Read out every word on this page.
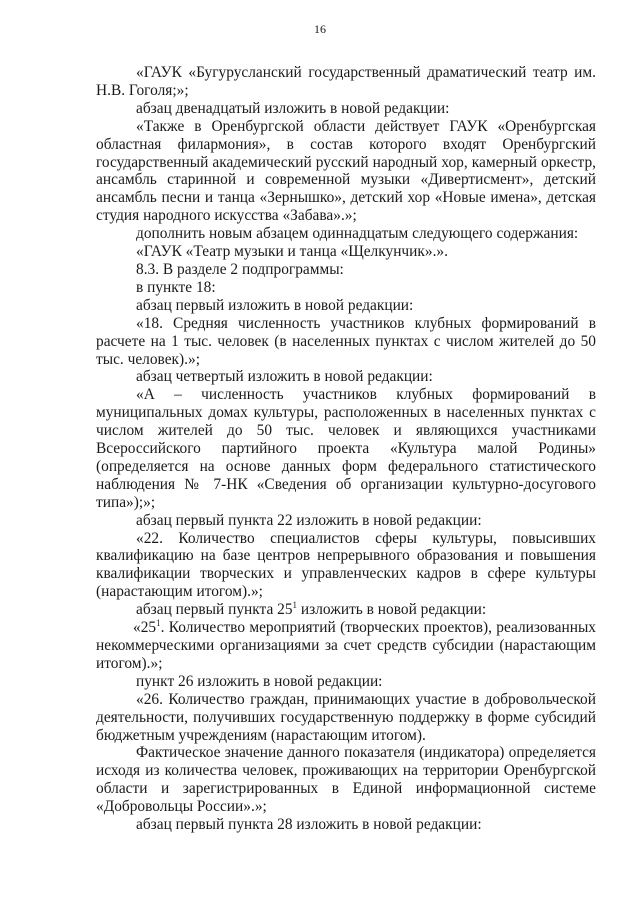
16

«ГАУК «Бугурусланский государственный драматический театр им. Н.В. Гоголя;»;

абзац двенадцатый изложить в новой редакции:

«Также в Оренбургской области действует ГАУК «Оренбургская областная филармония», в состав которого входят Оренбургский государственный академический русский народный хор, камерный оркестр, ансамбль старинной и современной музыки «Дивертисмент», детский ансамбль песни и танца «Зернышко», детский хор «Новые имена», детская студия народного искусства «Забава».»;

дополнить новым абзацем одиннадцатым следующего содержания:

«ГАУК «Театр музыки и танца «Щелкунчик».».

8.3. В разделе 2 подпрограммы:

в пункте 18:

абзац первый изложить в новой редакции:

«18. Средняя численность участников клубных формирований в расчете на 1 тыс. человек (в населенных пунктах с числом жителей до 50 тыс. человек).»;

абзац четвертый изложить в новой редакции:

«А – численность участников клубных формирований в муниципальных домах культуры, расположенных в населенных пунктах с числом жителей до 50 тыс. человек и являющихся участниками Всероссийского партийного проекта «Культура малой Родины» (определяется на основе данных форм федерального статистического наблюдения № 7-НК «Сведения об организации культурно-досугового типа»);»;

абзац первый пункта 22 изложить в новой редакции:

«22. Количество специалистов сферы культуры, повысивших квалификацию на базе центров непрерывного образования и повышения квалификации творческих и управленческих кадров в сфере культуры (нарастающим итогом).»;

абзац первый пункта $25^1$ изложить в новой редакции:

«$25^1$. Количество мероприятий (творческих проектов), реализованных некоммерческими организациями за счет средств субсидии (нарастающим итогом).»;

пункт 26 изложить в новой редакции:

«26. Количество граждан, принимающих участие в добровольческой деятельности, получивших государственную поддержку в форме субсидий бюджетным учреждениям (нарастающим итогом).

Фактическое значение данного показателя (индикатора) определяется исходя из количества человек, проживающих на территории Оренбургской области и зарегистрированных в Единой информационной системе «Добровольцы России».»;

абзац первый пункта 28 изложить в новой редакции:
